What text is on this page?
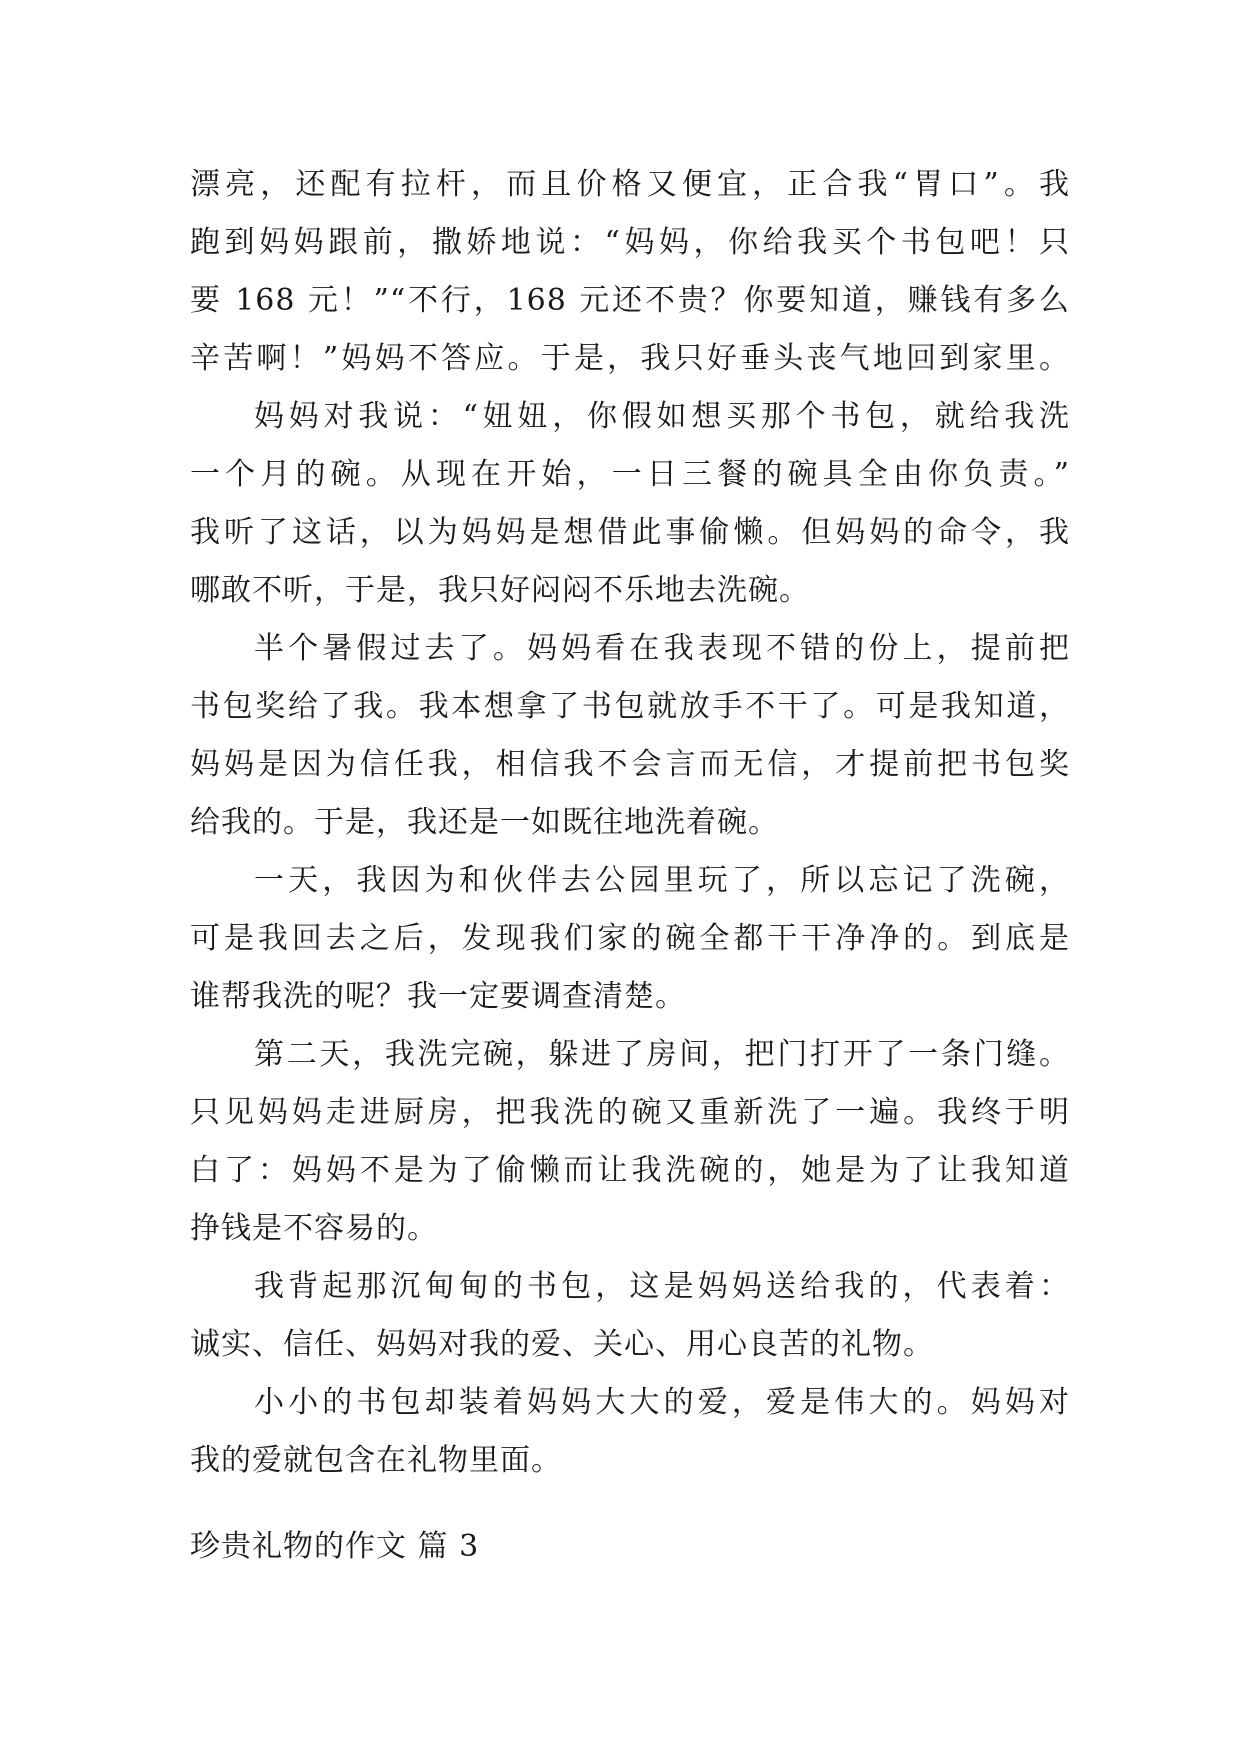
漂亮，还配有拉杆，而且价格又便宜，正合我“胃口”。我
跑到妈妈跟前，撒娇地说：“妈妈，你给我买个书包吧！只
要 168 元！”“不行，168 元还不贵？你要知道，赚钱有多么
辛苦啊！”妈妈不答应。于是，我只好垂头丧气地回到家里。
妈妈对我说：“妞妞，你假如想买那个书包，就给我洗
一个月的碗。从现在开始，一日三餐的碗具全由你负责。”
我听了这话，以为妈妈是想借此事偷懒。但妈妈的命令，我
哪敢不听，于是，我只好闷闷不乐地去洗碗。
半个暑假过去了。妈妈看在我表现不错的份上，提前把
书包奖给了我。我本想拿了书包就放手不干了。可是我知道，
妈妈是因为信任我，相信我不会言而无信，才提前把书包奖
给我的。于是，我还是一如既往地洗着碗。
一天，我因为和伙伴去公园里玩了，所以忘记了洗碗，
可是我回去之后，发现我们家的碗全都干干净净的。到底是
谁帮我洗的呢？我一定要调查清楚。
第二天，我洗完碗，躲进了房间，把门打开了一条门缝。
只见妈妈走进厨房，把我洗的碗又重新洗了一遍。我终于明
白了：妈妈不是为了偷懒而让我洗碗的，她是为了让我知道
挣钱是不容易的。
我背起那沉甸甸的书包，这是妈妈送给我的，代表着：
诚实、信任、妈妈对我的爱、关心、用心良苦的礼物。
小小的书包却装着妈妈大大的爱，爱是伟大的。妈妈对
我的爱就包含在礼物里面。
珍贵礼物的作文 篇 3
